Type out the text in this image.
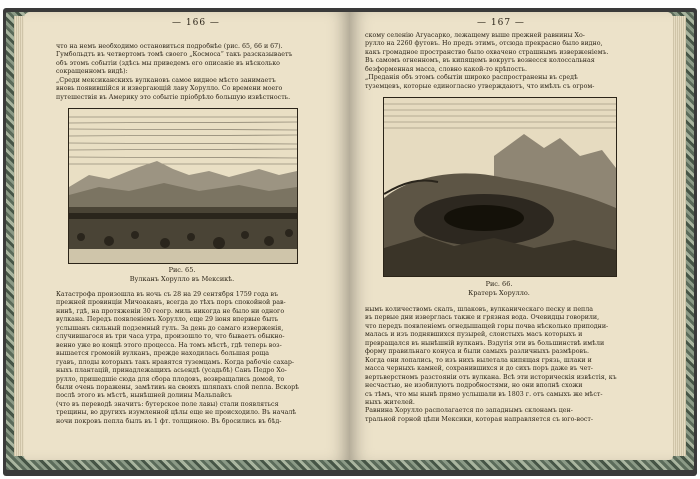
— 166 —
что на немъ необходимо остановиться подробнѣе (рис. 65, 66 и 67).
Гумбольдтъ въ четвертомъ томѣ своего „Космоса“ такъ разсказываетъ
объ этомъ событіи (здѣсь мы приведемъ его описаніе въ нѣсколько
сокращенномъ видѣ):
„Среди мексиканскихъ вулкановъ самое видное мѣсто занимаетъ
вновь появившійся и извергающій лаву Хорулло. Со времени моего
путешествія въ Америку это событіе пріобрѣло большую извѣстность.
Рис. 65.
Вулканъ Хорулло въ Мексикѣ.
Катастрофа произошла въ ночь съ 28 на 29 сентября 1759 года въ
прежней провинціи Мичоаканъ, всегда до тѣхъ поръ спокойной рав-
нинѣ, гдѣ, на протяженіи 30 геогр. миль никогда не было ни одного
вулкана. Передъ появленіемъ Хорулло, еще 29 іюня впервые быть
услышанъ сильный подземный гулъ. За день до самаго изверженія,
случившагося въ три часа утра, произошло то, что бываетъ обыкно-
венно уже во концѣ этого процесса. На томъ мѣстѣ, гдѣ теперь воз-
вышается громовій вулканъ, прежде находилась большая роща
гуавъ, плоды которыхъ такъ нравятся туземцамъ. Когда рабочіе сахар-
ныхъ плантацій, принадлежащихъ асьендѣ (усадьбѣ) Санъ Педро Хо-
рулло, пришедшіе сюда для сбора плодовъ, возвращались домой, то
были очень поражены, замѣтивъ на своихъ шляпахъ слой пепла. Вскорѣ
послѣ этого въ мѣстѣ, нынѣшней долины Мальпайсъ
(что въ переводѣ значитъ: бутерское поле лавы) стали появляться
трещины, во другихъ изумленной цѣлы еще не происходило. Въ началѣ
ночи покровъ пепла былъ въ 1 фт. толщиною. Въ бросились въ бѣд-
— 167 —
скому селенію Агуасарко, лежащему выше прежней равнины Хо-
рулло на 2260 футовъ. Но предъ этимъ, отсюда прекрасно было видно,
какъ громадное пространство было охвачено страшнымъ изверженіемъ.
Въ самомъ огненномъ, въ кипящемъ вокругъ вознесся колоссальная
безформенная масса, словно какой-то крѣпость.
„Преданія объ этомъ событіи широко распространены въ средѣ
туземцевъ, которые единогласно утверждаютъ, что имѣлъ съ огром-
Рис. 66.
Кратеръ Хорулло.
нымъ количествомъ скалъ, шлаковъ, вулканическаго песку и пепла
въ первые дни изверглась также и грязная вода. Очевидцы говорили,
что передъ появленіемъ огнедышащей горы почва нѣсколько приподни-
малась и изъ поднявшихся пузырей, слоистыхъ масъ которыхъ и
превращался въ нынѣшній вулканъ. Вздутія эти въ большинствѣ имѣли
форму правильнаго конуса и были самыхъ различныхъ размѣровъ.
Когда они лопались, то изъ нихъ вылетала кипящая грязь, шлаки и
масса черныхъ камней, сохранившихся и до сихъ поръ даже въ чет-
вертьверстномъ разстояніи отъ вулкана. Всѣ эти историческія извѣстія, къ
несчастью, не изобилуютъ подробностями, но они вполнѣ схожи
съ тѣмъ, что мы нынѣ прямо услышали въ 1803 г. отъ самыхъ же мѣст-
ныхъ жителей.
Равнина Хорулло располагается по западнымъ склонамъ цен-
тральной горной цѣпи Мексики, которая направляется съ юго-вост-
